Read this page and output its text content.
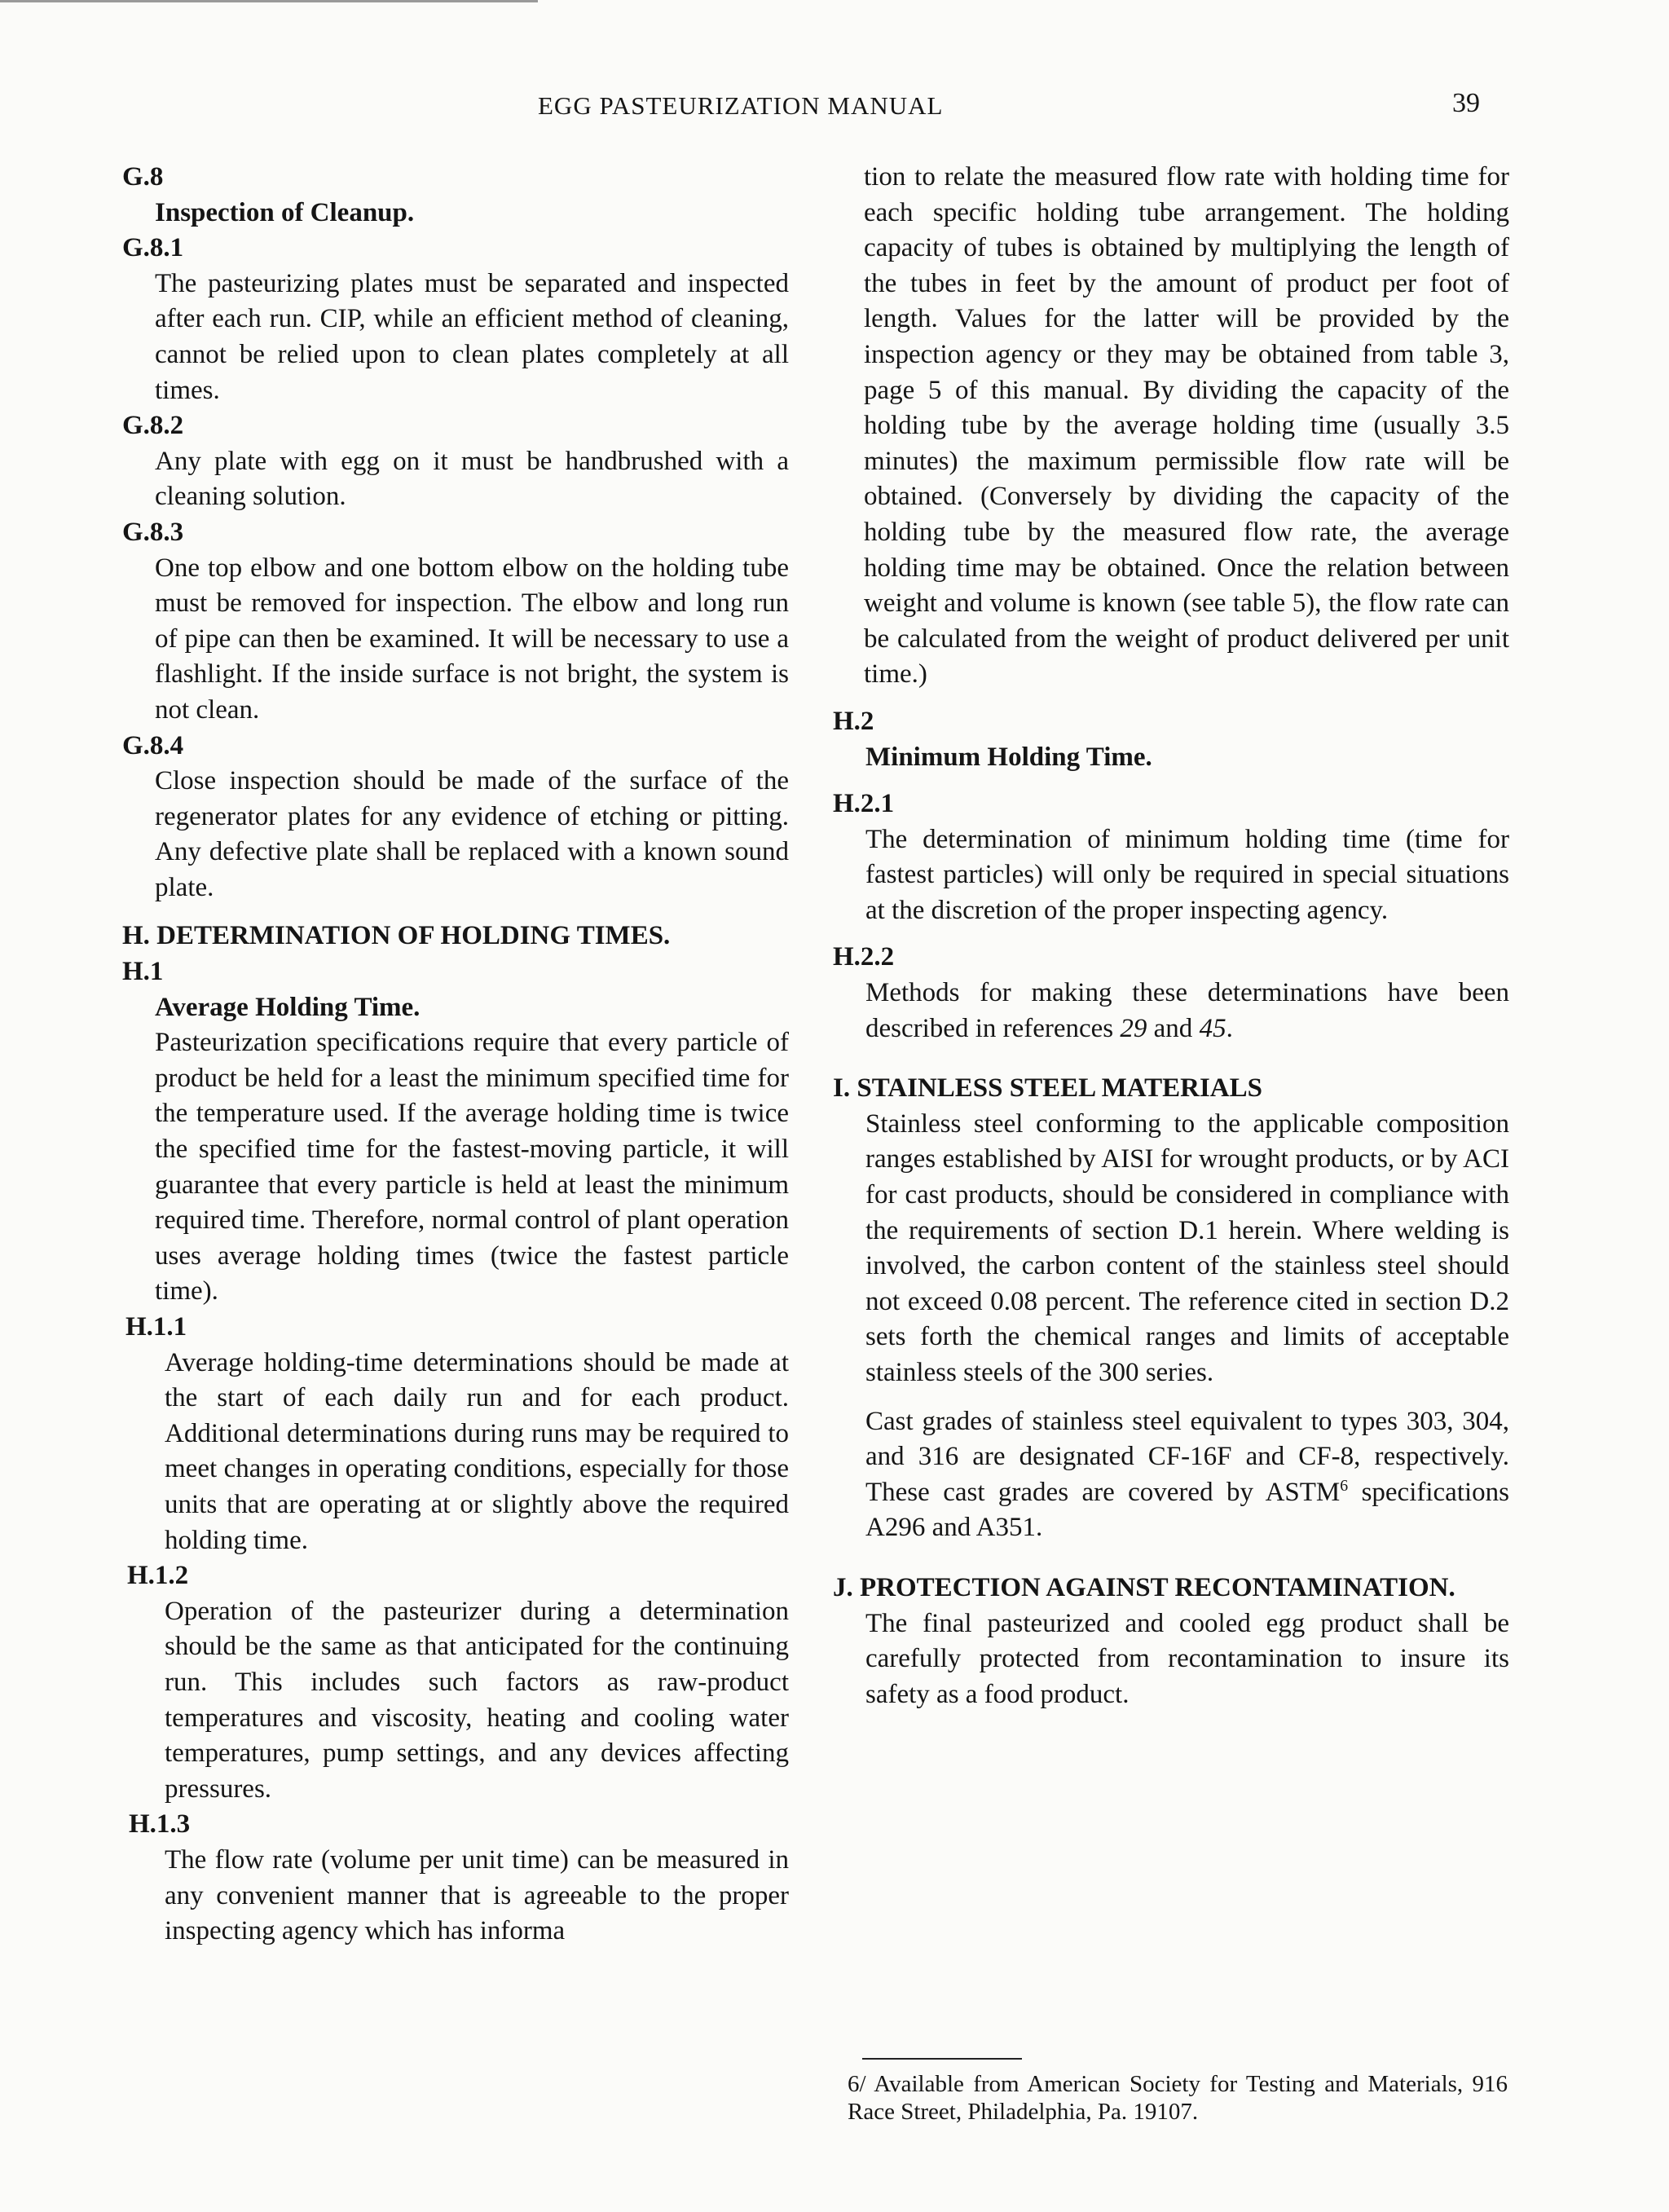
EGG PASTEURIZATION MANUAL	39
G.8
Inspection of Cleanup.
G.8.1
The pasteurizing plates must be separated and inspected after each run. CIP, while an efficient method of cleaning, cannot be relied upon to clean plates completely at all times.
G.8.2
Any plate with egg on it must be handbrushed with a cleaning solution.
G.8.3
One top elbow and one bottom elbow on the holding tube must be removed for inspection. The elbow and long run of pipe can then be examined. It will be necessary to use a flashlight. If the inside surface is not bright, the system is not clean.
G.8.4
Close inspection should be made of the surface of the regenerator plates for any evidence of etching or pitting. Any defective plate shall be replaced with a known sound plate.
H. DETERMINATION OF HOLDING TIMES.
H.1
Average Holding Time.
Pasteurization specifications require that every particle of product be held for a least the minimum specified time for the temperature used. If the average holding time is twice the specified time for the fastest-moving particle, it will guarantee that every particle is held at least the minimum required time. Therefore, normal control of plant operation uses average holding times (twice the fastest particle time).
H.1.1
Average holding-time determinations should be made at the start of each daily run and for each product. Additional determinations during runs may be required to meet changes in operating conditions, especially for those units that are operating at or slightly above the required holding time.
H.1.2
Operation of the pasteurizer during a determination should be the same as that anticipated for the continuing run. This includes such factors as raw-product temperatures and viscosity, heating and cooling water temperatures, pump settings, and any devices affecting pressures.
H.1.3
The flow rate (volume per unit time) can be measured in any convenient manner that is agreeable to the proper inspecting agency which has informa
tion to relate the measured flow rate with holding time for each specific holding tube arrangement. The holding capacity of tubes is obtained by multiplying the length of the tubes in feet by the amount of product per foot of length. Values for the latter will be provided by the inspection agency or they may be obtained from table 3, page 5 of this manual. By dividing the capacity of the holding tube by the average holding time (usually 3.5 minutes) the maximum permissible flow rate will be obtained. (Conversely by dividing the capacity of the holding tube by the measured flow rate, the average holding time may be obtained. Once the relation between weight and volume is known (see table 5), the flow rate can be calculated from the weight of product delivered per unit time.)
H.2
Minimum Holding Time.
H.2.1
The determination of minimum holding time (time for fastest particles) will only be required in special situations at the discretion of the proper inspecting agency.
H.2.2
Methods for making these determinations have been described in references 29 and 45.
I. STAINLESS STEEL MATERIALS
Stainless steel conforming to the applicable composition ranges established by AISI for wrought products, or by ACI for cast products, should be considered in compliance with the requirements of section D.1 herein. Where welding is involved, the carbon content of the stainless steel should not exceed 0.08 percent. The reference cited in section D.2 sets forth the chemical ranges and limits of acceptable stainless steels of the 300 series.
Cast grades of stainless steel equivalent to types 303, 304, and 316 are designated CF-16F and CF-8, respectively. These cast grades are covered by ASTM$^6$ specifications A296 and A351.
J. PROTECTION AGAINST RECONTAMINATION.
The final pasteurized and cooled egg product shall be carefully protected from recontamination to insure its safety as a food product.
6/ Available from American Society for Testing and Materials, 916 Race Street, Philadelphia, Pa. 19107.
